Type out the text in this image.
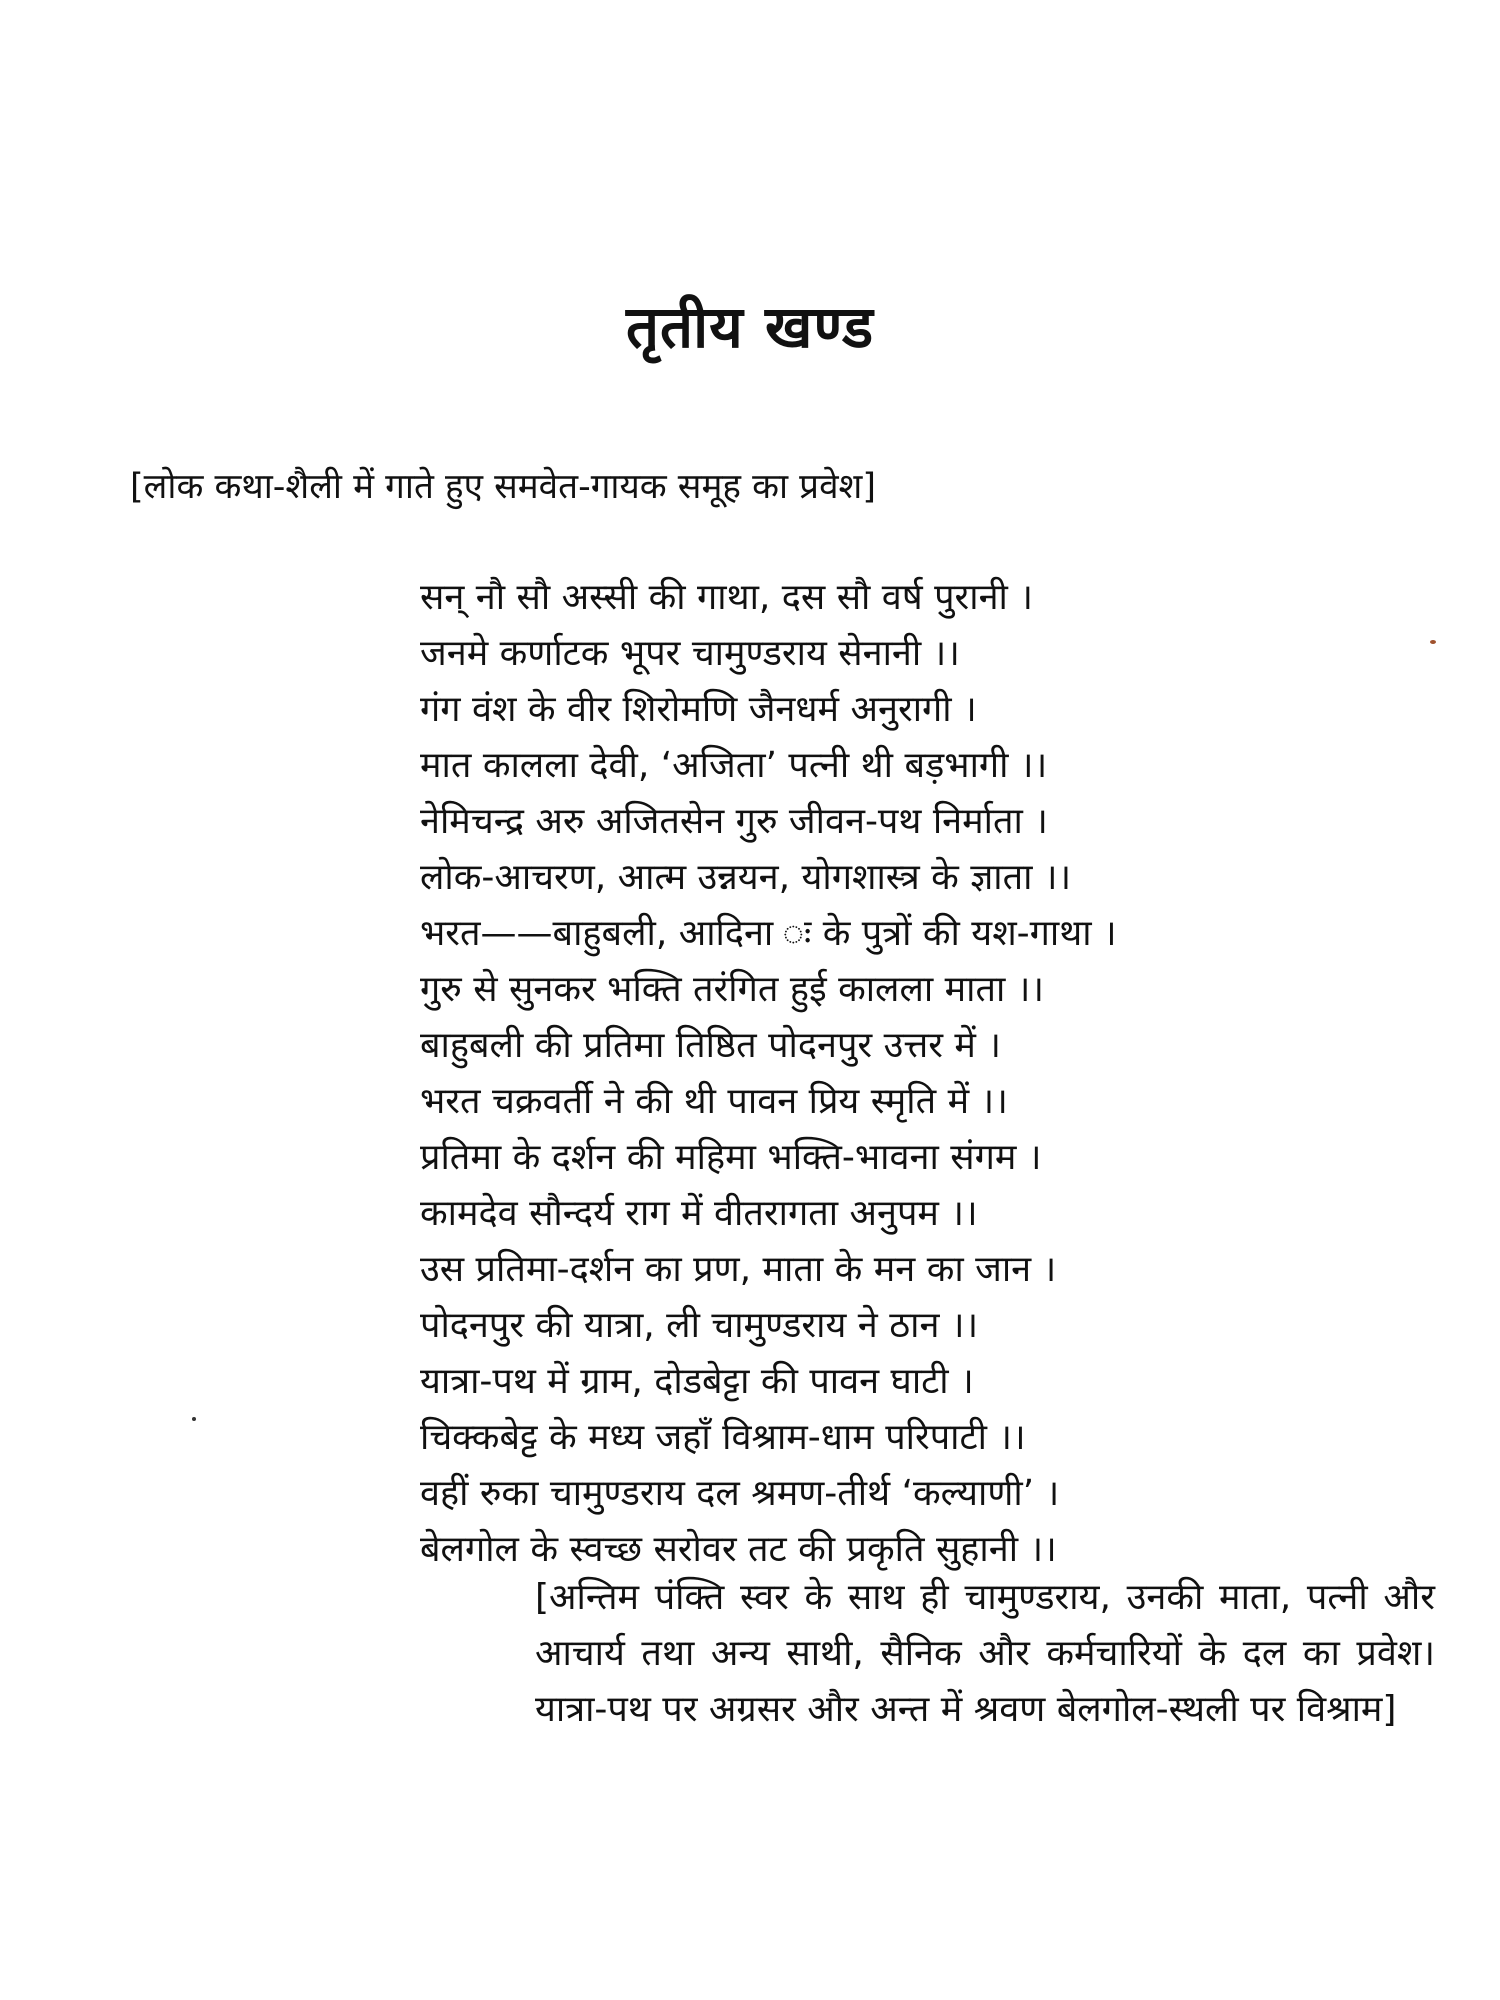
तृतीय खण्ड

[लोक कथा-शैली में गाते हुए समवेत-गायक समूह का प्रवेश]

सन् नौ सौ अस्सी की गाथा, दस सौ वर्ष पुरानी ।
जनमे कर्णाटक भूपर चामुण्डराय सेनानी ।।
गंग वंश के वीर शिरोमणि जैनधर्म अनुरागी ।
मात कालला देवी, ‘अजिता’ पत्नी थी बड़भागी ।।
नेमिचन्द्र अरु अजितसेन गुरु जीवन-पथ निर्माता ।
लोक-आचरण, आत्म उन्नयन, योगशास्त्र के ज्ञाता ।।
भरत——बाहुबली, आदिना ः के पुत्रों की यश-गाथा ।
गुरु से सुनकर भक्ति तरंगित हुई कालला माता ।।
बाहुबली की प्रतिमा तिष्ठित पोदनपुर उत्तर में ।
भरत चक्रवर्ती ने की थी पावन प्रिय स्मृति में ।।
प्रतिमा के दर्शन की महिमा भक्ति-भावना संगम ।
कामदेव सौन्दर्य राग में वीतरागता अनुपम ।।
उस प्रतिमा-दर्शन का प्रण, माता के मन का जान ।
पोदनपुर की यात्रा, ली चामुण्डराय ने ठान ।।
यात्रा-पथ में ग्राम, दोडबेट्टा की पावन घाटी ।
चिक्कबेट्ट के मध्य जहाँ विश्राम-धाम परिपाटी ।।
वहीं रुका चामुण्डराय दल श्रमण-तीर्थ ‘कल्याणी’ ।
बेलगोल के स्वच्छ सरोवर तट की प्रकृति सुहानी ।।

[अन्तिम पंक्ति स्वर के साथ ही चामुण्डराय, उनकी माता, पत्नी और आचार्य तथा अन्य साथी, सैनिक और कर्मचारियों के दल का प्रवेश। यात्रा-पथ पर अग्रसर और अन्त में श्रवण बेलगोल-स्थली पर विश्राम]
